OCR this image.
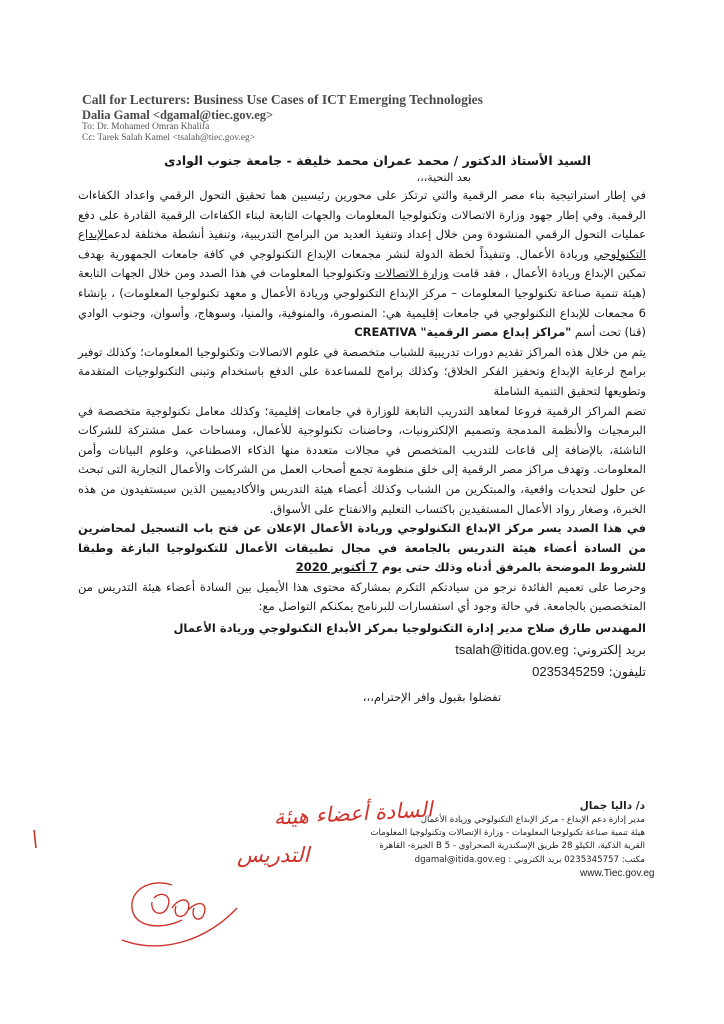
Call for Lecturers: Business Use Cases of ICT Emerging Technologies
Dalia Gamal <dgamal@tiec.gov.eg>
To: Dr. Mohamed Omran Khalifa
Cc: Tarek Salah Kamel <tsalah@tiec.gov.eg>
السيد الأستاذ الدكتور / محمد عمران محمد خليفة - جامعة جنوب الوادى
بعد التحية،،،

في إطار استراتيجية بناء مصر الرقمية والتي ترتكز على محورين رئيسيين هما تحقيق التحول الرقمي واعداد الكفاءات الرقمية. وفي إطار جهود وزارة الاتصالات وتكنولوجيا المعلومات والجهات التابعة لبناء الكفاءات الرقمية القادرة على دفع عمليات التحول الرقمي المنشودة ومن خلال إعداد وتنفيذ العديد من البرامج التدريبية، وتنفيذ أنشطة مختلفة لدعمالإبداع التكنولوجي وريادة الأعمال. وتنفيذاً لخطة الدولة لنشر مجمعات الإبداع التكنولوجي في كافة جامعات الجمهورية بهدف تمكين الإبداع وريادة الأعمال ، فقد قامت وزارة الاتصالات وتكنولوجيا المعلومات في هذا الصدد ومن خلال الجهات التابعة (هيئة تنمية صناعة تكنولوجيا المعلومات – مركز الإبداع التكنولوجي وريادة الأعمال و معهد تكنولوجيا المعلومات) ، بإنشاء 6 مجمعات للإبداع التكنولوجي في جامعات إقليمية هي: المنصورة، والمنوفية، والمنيا، وسوهاج، وأسوان، وجنوب الوادي (قنا) تحت أسم "مراكز إبداع مصر الرقمية" CREATIVA

يتم من خلال هذه المراكز تقديم دورات تدريبية للشباب متخصصة في علوم الاتصالات وتكنولوجيا المعلومات؛ وكذلك توفير برامج لرعاية الإبداع وتحفيز الفكر الخلاق؛ وكذلك برامج للمساعدة على الدفع باستخدام وتبنى التكنولوجيات المتقدمة وتطويعها لتحقيق التنمية الشاملة

تضم المراكز الرقمية فروعا لمعاهد التدريب التابعة للوزارة في جامعات إقليمية؛ وكذلك معامل تكنولوجية متخصصة في البرمجيات والأنظمة المدمجة وتصميم الإلكترونيات، وحاضنات تكنولوجية للأعمال، ومساحات عمل مشتركة للشركات الناشئة، بالإضافة إلى قاعات للتدريب المتخصص في مجالات متعددة منها الذكاء الاصطناعي، وعلوم البيانات وأمن المعلومات. وتهدف مراكز مصر الرقمية إلى خلق منظومة تجمع أصحاب العمل من الشركات والأعمال التجارية التى تبحث عن حلول لتحديات واقعية، والمبتكرين من الشباب وكذلك أعضاء هيئة التدريس والأكاديميين الذين سيستفيدون من هذه الخبرة، وصغار رواد الأعمال المستفيدين باكتساب التعليم والانفتاح على الأسواق.

في هذا الصدد يسر مركز الإبداع التكنولوجي وريادة الأعمال الإعلان عن فتح باب التسجيل لمحاضرين من السادة أعضاء هيئة التدريس بالجامعة في مجال تطبيقات الأعمال للتكنولوجيا البازغة وطبقا للشروط الموضحة بالمرفق أدناه وذلك حتى يوم 7 أكتوبر 2020

وحرصا على تعميم الفائدة نرجو من سيادتكم التكرم بمشاركة محتوى هذا الأيميل بين السادة أعضاء هيئة التدريس من المتخصصين بالجامعة. في حالة وجود أي استفسارات للبرنامج يمكنكم التواصل مع:

المهندس طارق صلاح مدير إدارة التكنولوجيا بمركز الأبداع التكنولوجي وريادة الأعمال
بريد إلكتروني: tsalah@itida.gov.eg
تليفون: 0235345259
تفضلوا بقبول وافر الإحترام،،،
د/ داليا جمال
مدير إدارة دعم الإبداع - مركز الإبداع التكنولوجي وريادة الأعمال
هيئة تنمية صناعة تكنولوجيا المعلومات - وزارة الإتصالات وتكنولوجيا المعلومات
القرية الذكية، الكيلو 28 طريق الإسكندرية الصحراوي - B 5 الجيزة- القاهرة
مكتب: 0235345757 بريد الكتروني : dgamal@itida.gov.eg
www.Tiec.gov.eg
السادة أعضاء هيئة
التدريس
